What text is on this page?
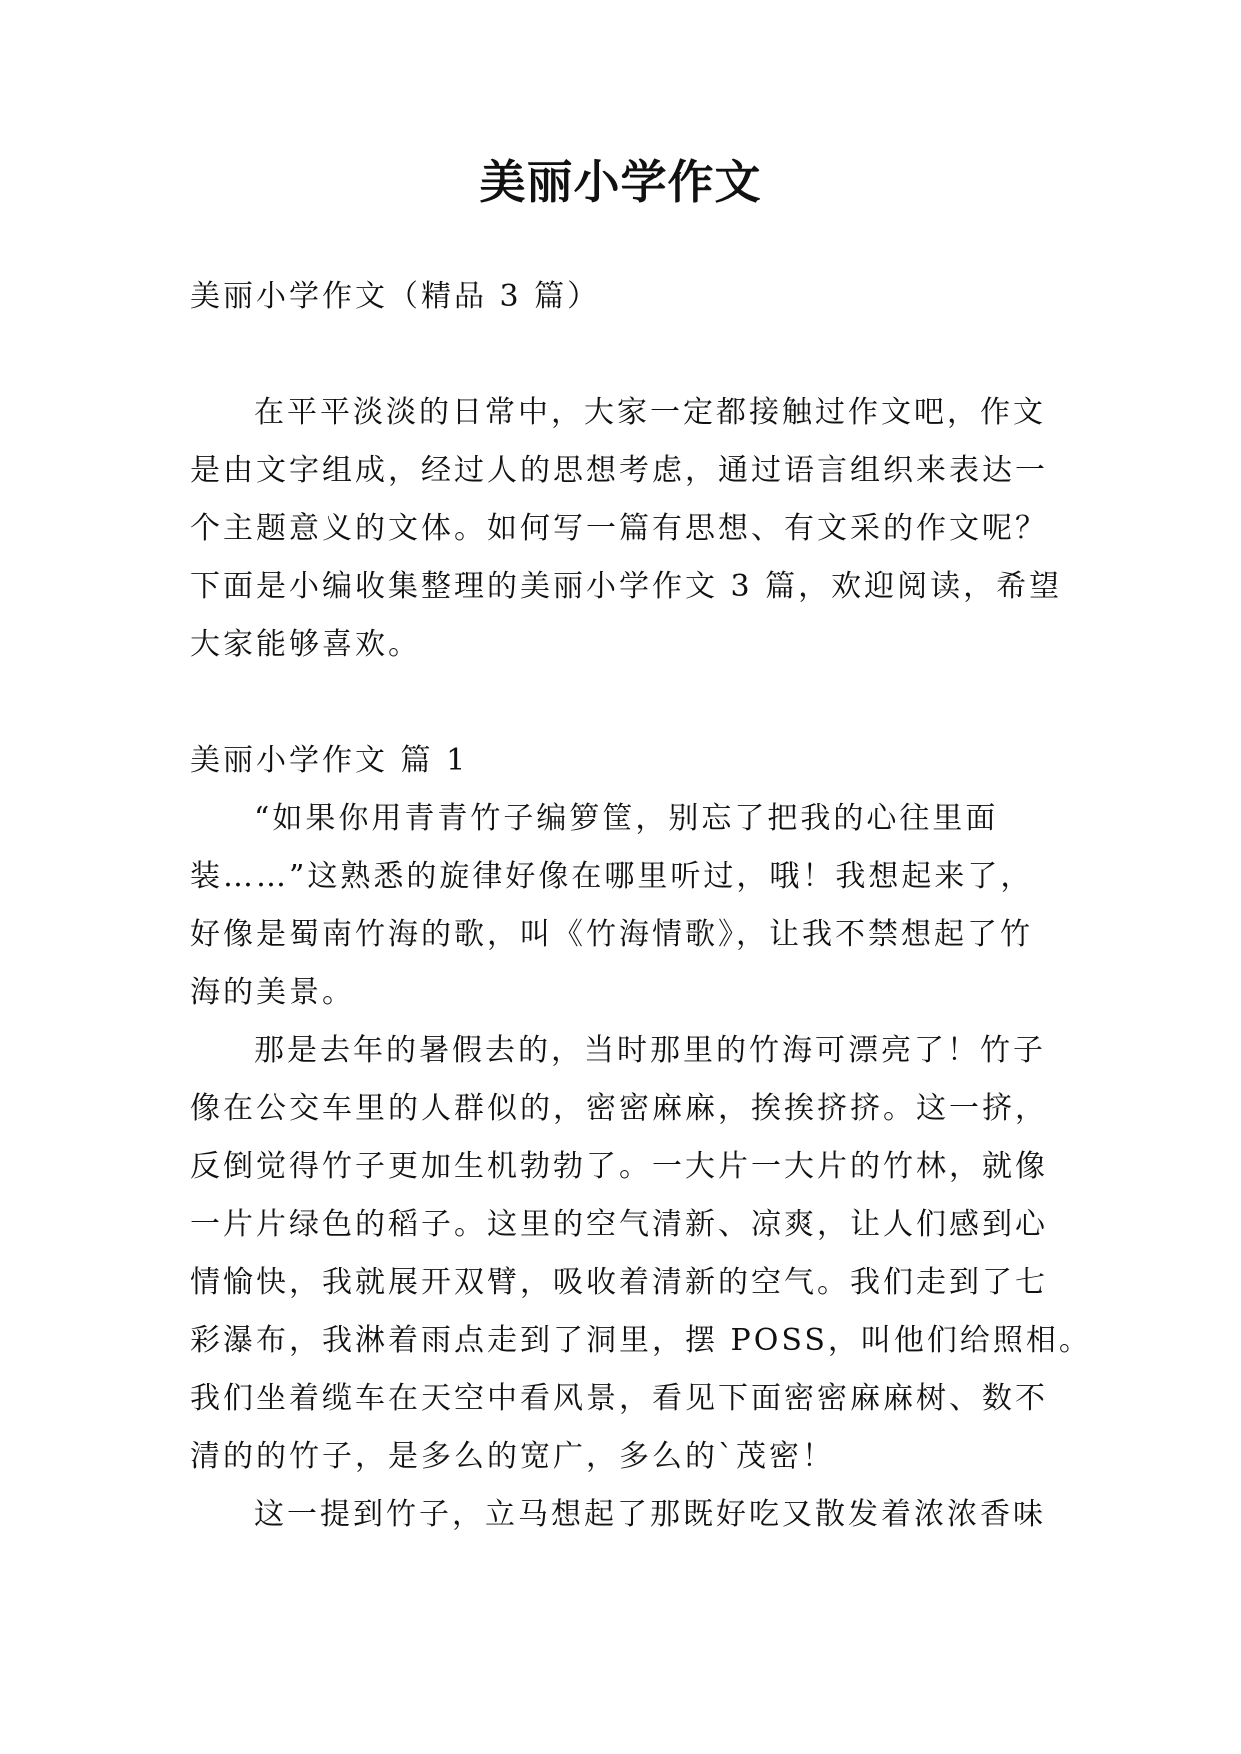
美丽小学作文

美丽小学作文（精品 3 篇）

在平平淡淡的日常中，大家一定都接触过作文吧，作文
是由文字组成，经过人的思想考虑，通过语言组织来表达一
个主题意义的文体。如何写一篇有思想、有文采的作文呢？
下面是小编收集整理的美丽小学作文 3 篇，欢迎阅读，希望
大家能够喜欢。

美丽小学作文 篇 1

“如果你用青青竹子编箩筐，别忘了把我的心往里面
装……”这熟悉的旋律好像在哪里听过，哦！我想起来了，
好像是蜀南竹海的歌，叫《竹海情歌》，让我不禁想起了竹
海的美景。

那是去年的暑假去的，当时那里的竹海可漂亮了！竹子
像在公交车里的人群似的，密密麻麻，挨挨挤挤。这一挤，
反倒觉得竹子更加生机勃勃了。一大片一大片的竹林，就像
一片片绿色的稻子。这里的空气清新、凉爽，让人们感到心
情愉快，我就展开双臂，吸收着清新的空气。我们走到了七
彩瀑布，我淋着雨点走到了洞里，摆 POSS，叫他们给照相。
我们坐着缆车在天空中看风景，看见下面密密麻麻树、数不
清的的竹子，是多么的宽广，多么的`茂密！

这一提到竹子，立马想起了那既好吃又散发着浓浓香味
